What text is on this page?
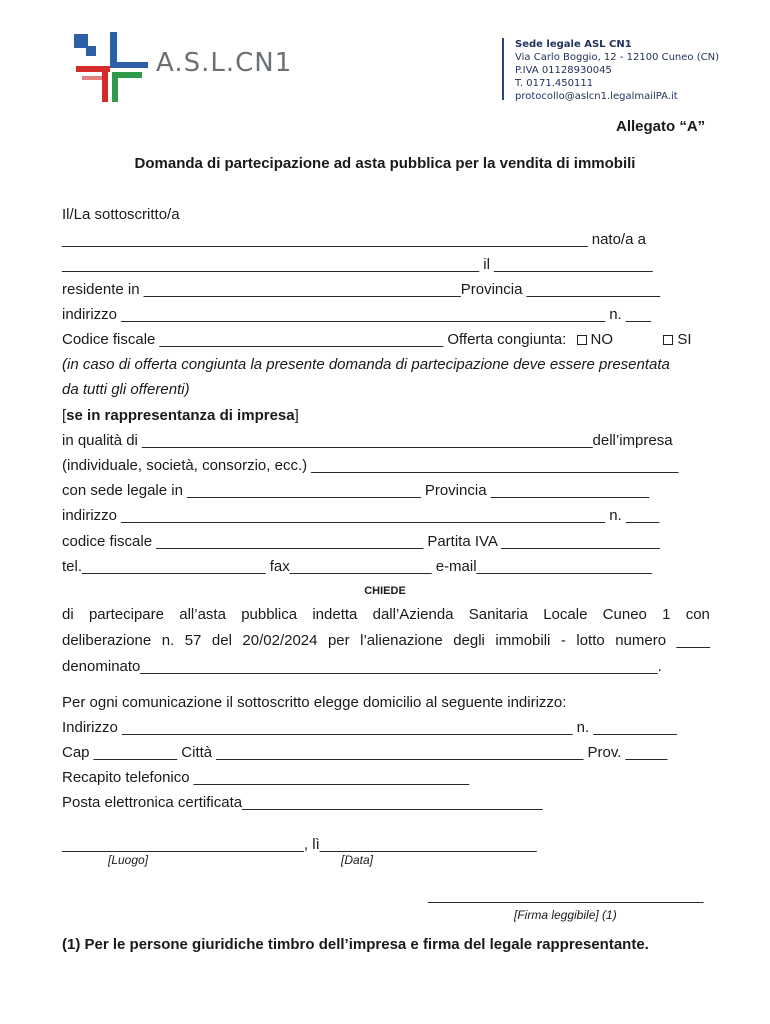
A.S.L.CN1
Sede legale ASL CN1
Via Carlo Boggio, 12 - 12100 Cuneo (CN)
P.IVA 01128930045
T. 0171.450111
protocollo@aslcn1.legalmailPA.it
Allegato “A”
Domanda di partecipazione ad asta pubblica per la vendita di immobili
Il/La sottoscritto/a
_______________________________________________________________ nato/a a
__________________________________________________ il ___________________
residente in ______________________________________Provincia ________________
indirizzo __________________________________________________________ n. ___
Codice fiscale __________________________________ Offerta congiunta: NO	SI
(in caso di offerta congiunta la presente domanda di partecipazione deve essere presentata
da tutti gli offerenti)
[se in rappresentanza di impresa]
in qualità di ______________________________________________________dell’impresa
(individuale, società, consorzio, ecc.) ____________________________________________
con sede legale in ____________________________ Provincia ___________________
indirizzo __________________________________________________________ n. ____
codice fiscale ________________________________ Partita IVA ___________________
tel.______________________ fax_________________ e-mail_____________________
CHIEDE
di partecipare all’asta pubblica indetta dall’Azienda Sanitaria Locale Cuneo 1 con
deliberazione n. 57 del 20/02/2024 per l’alienazione degli immobili - lotto numero ____
denominato______________________________________________________________.
Per ogni comunicazione il sottoscritto elegge domicilio al seguente indirizzo:
Indirizzo ______________________________________________________ n. __________
Cap __________ Città ____________________________________________ Prov. _____
Recapito telefonico _________________________________
Posta elettronica certificata____________________________________
_____________________________, lì__________________________
[Luogo]	[Data]
_________________________________
[Firma leggibile] (1)
(1) Per le persone giuridiche timbro dell’impresa e firma del legale rappresentante.
